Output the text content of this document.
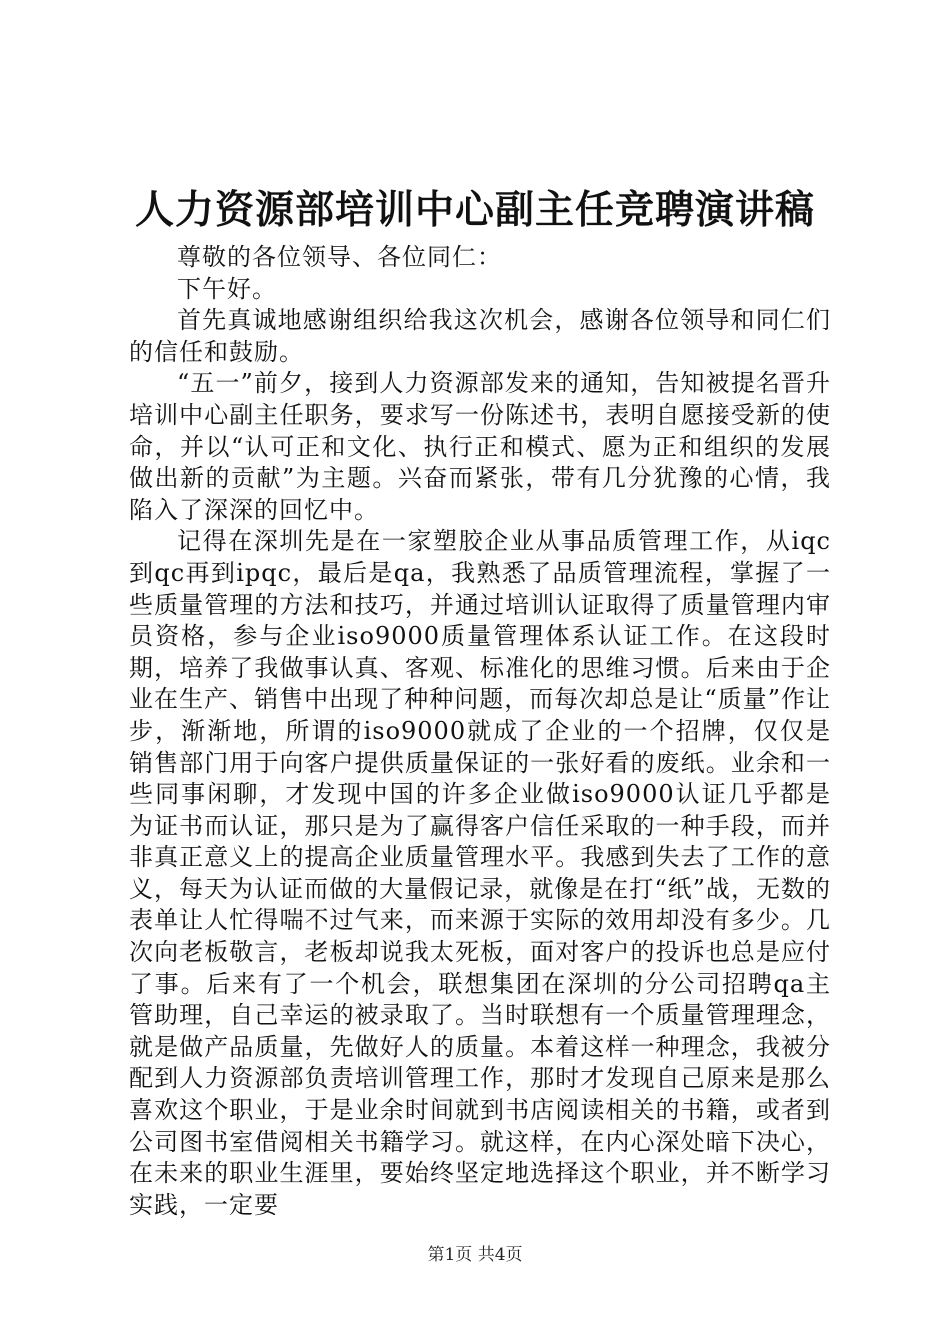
人力资源部培训中心副主任竞聘演讲稿

尊敬的各位领导、各位同仁：

下午好。

首先真诚地感谢组织给我这次机会，感谢各位领导和同仁们的信任和鼓励。

“五一”前夕，接到人力资源部发来的通知，告知被提名晋升培训中心副主任职务，要求写一份陈述书，表明自愿接受新的使命，并以“认可正和文化、执行正和模式、愿为正和组织的发展做出新的贡献”为主题。兴奋而紧张，带有几分犹豫的心情，我陷入了深深的回忆中。

记得在深圳先是在一家塑胶企业从事品质管理工作，从iqc到qc再到ipqc，最后是qa，我熟悉了品质管理流程，掌握了一些质量管理的方法和技巧，并通过培训认证取得了质量管理内审员资格，参与企业iso9000质量管理体系认证工作。在这段时期，培养了我做事认真、客观、标准化的思维习惯。后来由于企业在生产、销售中出现了种种问题，而每次却总是让“质量”作让步，渐渐地，所谓的iso9000就成了企业的一个招牌，仅仅是销售部门用于向客户提供质量保证的一张好看的废纸。业余和一些同事闲聊，才发现中国的许多企业做iso9000认证几乎都是为证书而认证，那只是为了赢得客户信任采取的一种手段，而并非真正意义上的提高企业质量管理水平。我感到失去了工作的意义，每天为认证而做的大量假记录，就像是在打“纸”战，无数的表单让人忙得喘不过气来，而来源于实际的效用却没有多少。几次向老板敬言，老板却说我太死板，面对客户的投诉也总是应付了事。后来有了一个机会，联想集团在深圳的分公司招聘qa主管助理，自己幸运的被录取了。当时联想有一个质量管理理念，就是做产品质量，先做好人的质量。本着这样一种理念，我被分配到人力资源部负责培训管理工作，那时才发现自己原来是那么喜欢这个职业，于是业余时间就到书店阅读相关的书籍，或者到公司图书室借阅相关书籍学习。就这样，在内心深处暗下决心，在未来的职业生涯里，要始终坚定地选择这个职业，并不断学习实践，一定要

第1页 共4页
